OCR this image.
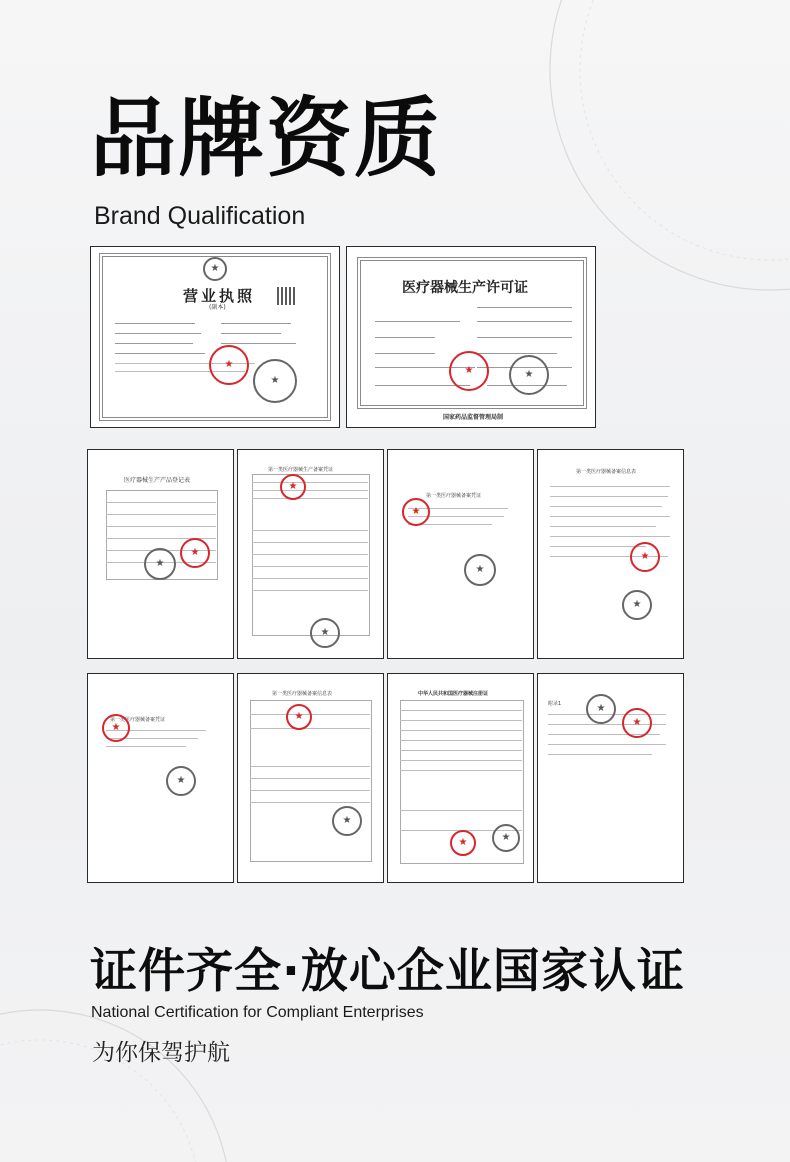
品牌资质
Brand Qualification
★
营业执照
(副本)
★
★
医疗器械生产许可证
★	★
国家药品监督管理局制
医疗器械生产产品登记表
★
★
第一类医疗器械生产备案凭证
★
★
第一类医疗器械备案凭证
★
★
第一类医疗器械备案信息表
★
★
第一类医疗器械备案凭证
★
★
第一类医疗器械备案信息表
★
★
中华人民共和国医疗器械注册证
★
★
附录1	★
★
证件齐全·放心企业国家认证
National Certification for Compliant Enterprises
为你保驾护航
